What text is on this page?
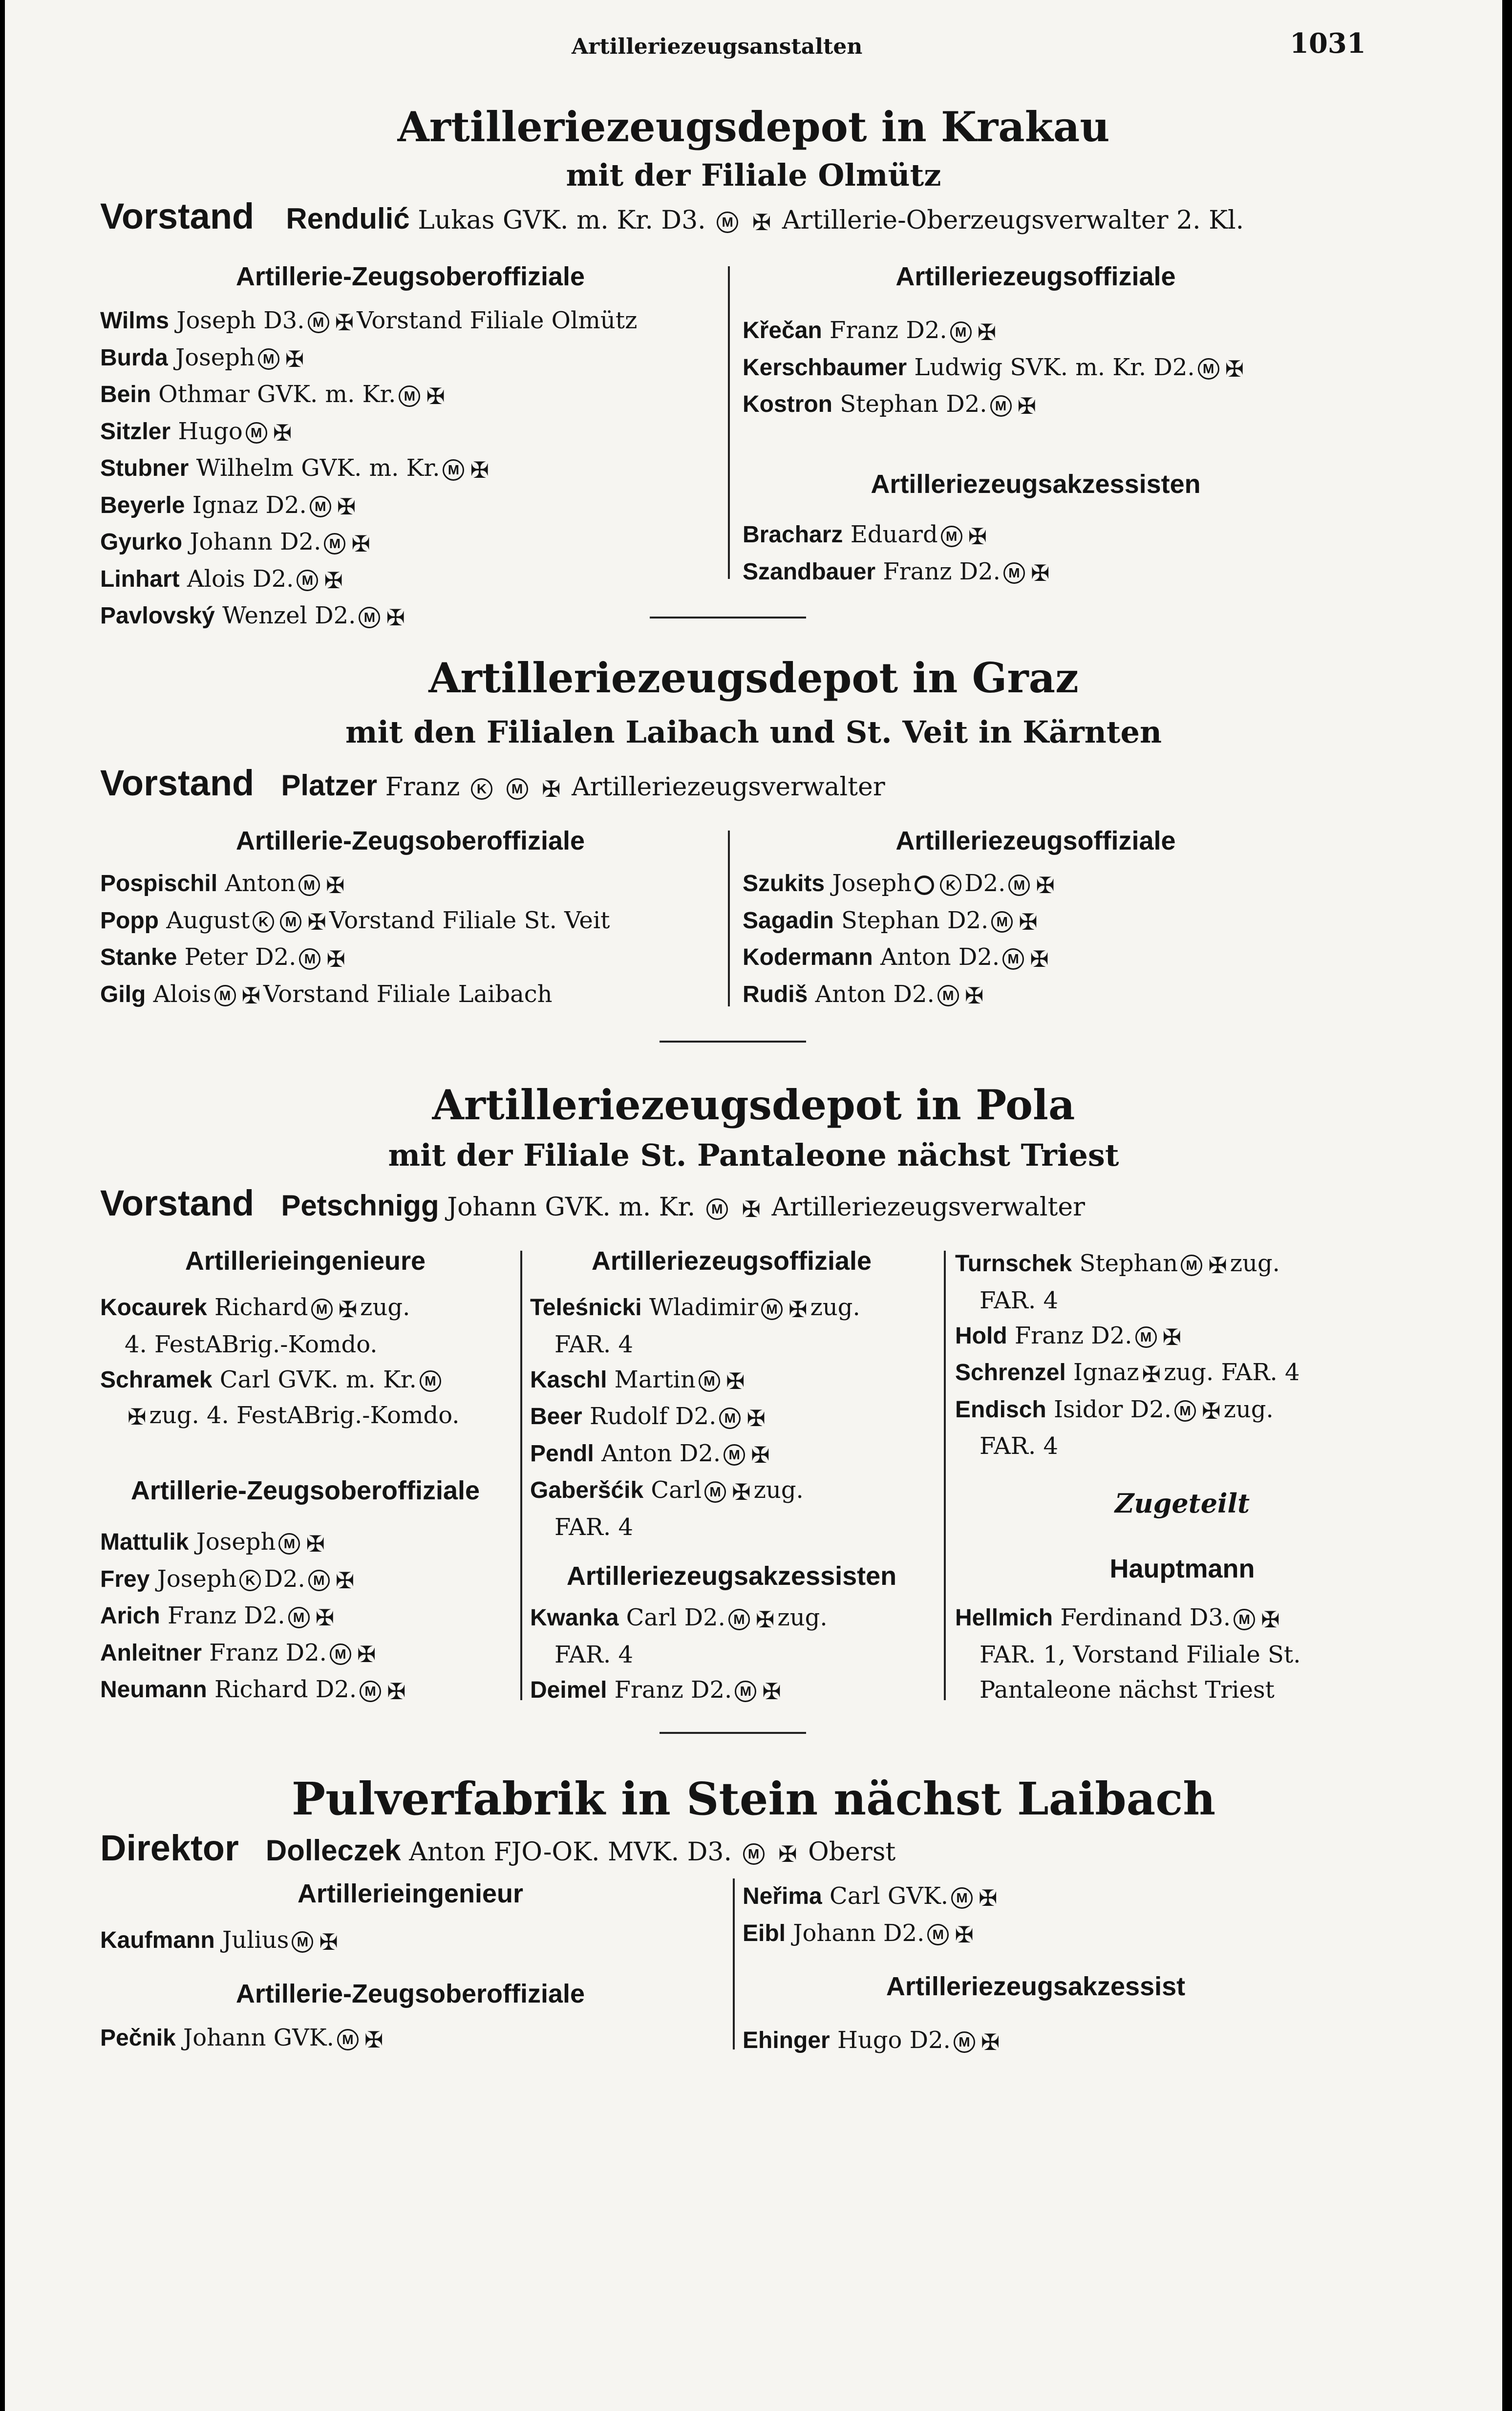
Artilleriezeugsanstalten	1031
Artilleriezeugsdepot in Krakau
mit der Filiale Olmütz
Vorstand Rendulić Lukas GVK. m. Kr. D3. M ✠ Artillerie-Oberzeugsverwalter 2. Kl.
Artillerie-Zeugsoberoffiziale	Artilleriezeugsoffiziale
Wilms Joseph D3. M ✠ Vorstand Filiale Olmütz
Burda Joseph M ✠
Bein Othmar GVK. m. Kr. M ✠
Sitzler Hugo M ✠
Stubner Wilhelm GVK. m. Kr. M ✠
Beyerle Ignaz D2. M ✠
Gyurko Johann D2. M ✠
Linhart Alois D2. M ✠
Pavlovský Wenzel D2. M ✠
Křečan Franz D2. M ✠
Kerschbaumer Ludwig SVK. m. Kr. D2. M ✠
Kostron Stephan D2. M ✠
Artilleriezeugsakzessisten
Bracharz Eduard M ✠
Szandbauer Franz D2. M ✠
Artilleriezeugsdepot in Graz
mit den Filialen Laibach und St. Veit in Kärnten
Vorstand Platzer Franz K M ✠ Artilleriezeugsverwalter
Artillerie-Zeugsoberoffiziale	Artilleriezeugsoffiziale
Pospischil Anton M ✠
Popp August K M ✠ Vorstand Filiale St. Veit
Stanke Peter D2. M ✠
Gilg Alois M ✠ Vorstand Filiale Laibach
Szukits Joseph K D2. M ✠
Sagadin Stephan D2. M ✠
Kodermann Anton D2. M ✠
Rudiš Anton D2. M ✠
Artilleriezeugsdepot in Pola
mit der Filiale St. Pantaleone nächst Triest
Vorstand Petschnigg Johann GVK. m. Kr. M ✠ Artilleriezeugsverwalter
Artillerieingenieure
Kocaurek Richard M ✠ zug.
4. FestABrig.-Komdo.
Schramek Carl GVK. m. Kr. M
✠ zug. 4. FestABrig.-Komdo.
Artillerie-Zeugsoberoffiziale
Mattulik Joseph M ✠
Frey Joseph K D2. M ✠
Arich Franz D2. M ✠
Anleitner Franz D2. M ✠
Neumann Richard D2. M ✠
Artilleriezeugsoffiziale
Teleśnicki Wladimir M ✠ zug.
FAR. 4
Kaschl Martin M ✠
Beer Rudolf D2. M ✠
Pendl Anton D2. M ✠
Gaberšćik Carl M ✠ zug.
FAR. 4
Artilleriezeugsakzessisten
Kwanka Carl D2. M ✠ zug.
FAR. 4
Deimel Franz D2. M ✠
Turnschek Stephan M ✠ zug.
FAR. 4
Hold Franz D2. M ✠
Schrenzel Ignaz ✠ zug. FAR. 4
Endisch Isidor D2. M ✠ zug.
FAR. 4
Zugeteilt
Hauptmann
Hellmich Ferdinand D3. M ✠
FAR. 1, Vorstand Filiale St.
Pantaleone nächst Triest
Pulverfabrik in Stein nächst Laibach
Direktor Dolleczek Anton FJO-OK. MVK. D3. M ✠ Oberst
Artillerieingenieur
Kaufmann Julius M ✠
Artillerie-Zeugsoberoffiziale
Pečnik Johann GVK. M ✠
Neřima Carl GVK. M ✠
Eibl Johann D2. M ✠
Artilleriezeugsakzessist
Ehinger Hugo D2. M ✠
